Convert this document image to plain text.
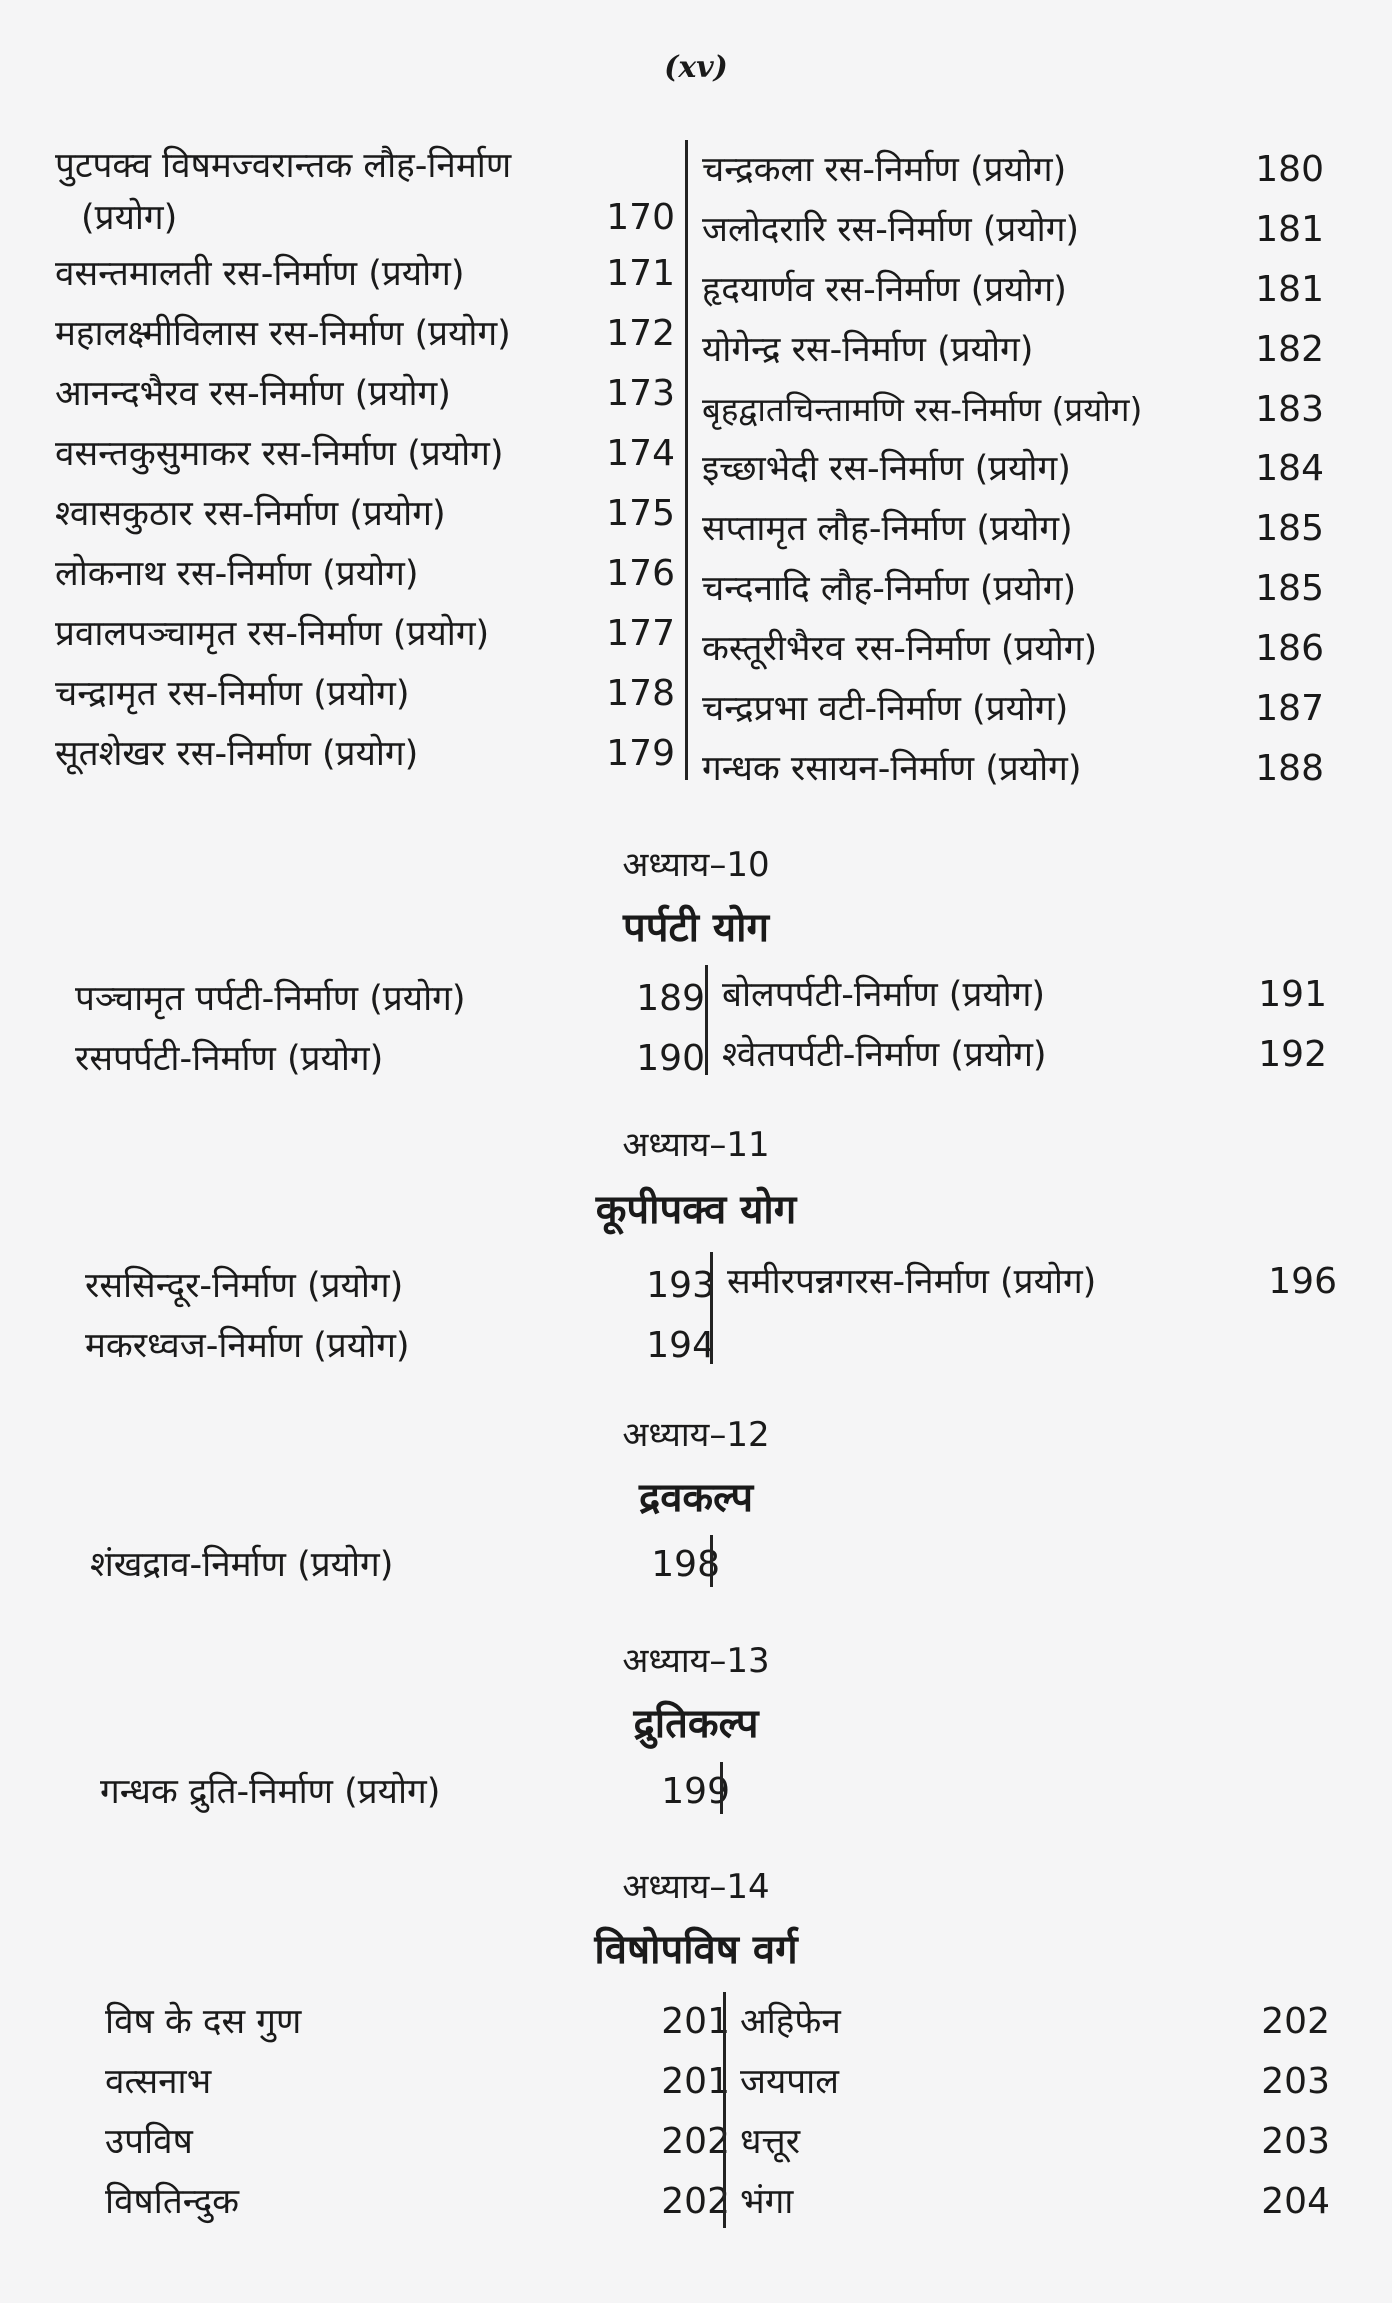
(xv)
पुटपक्व विषमज्वरान्तक लौह-निर्माण
(प्रयोग)	170
वसन्तमालती रस-निर्माण (प्रयोग)	171
महालक्ष्मीविलास रस-निर्माण (प्रयोग)	172
आनन्दभैरव रस-निर्माण (प्रयोग)	173
वसन्तकुसुमाकर रस-निर्माण (प्रयोग)	174
श्वासकुठार रस-निर्माण (प्रयोग)	175
लोकनाथ रस-निर्माण (प्रयोग)	176
प्रवालपञ्चामृत रस-निर्माण (प्रयोग)	177
चन्द्रामृत रस-निर्माण (प्रयोग)	178
सूतशेखर रस-निर्माण (प्रयोग)	179
चन्द्रकला रस-निर्माण (प्रयोग)	180
जलोदरारि रस-निर्माण (प्रयोग)	181
हृदयार्णव रस-निर्माण (प्रयोग)	181
योगेन्द्र रस-निर्माण (प्रयोग)	182
बृहद्वातचिन्तामणि रस-निर्माण (प्रयोग)	183
इच्छाभेदी रस-निर्माण (प्रयोग)	184
सप्तामृत लौह-निर्माण (प्रयोग)	185
चन्दनादि लौह-निर्माण (प्रयोग)	185
कस्तूरीभैरव रस-निर्माण (प्रयोग)	186
चन्द्रप्रभा वटी-निर्माण (प्रयोग)	187
गन्धक रसायन-निर्माण (प्रयोग)	188
अध्याय–10
पर्पटी योग
पञ्चामृत पर्पटी-निर्माण (प्रयोग)	189
रसपर्पटी-निर्माण (प्रयोग)	190
बोलपर्पटी-निर्माण (प्रयोग)	191
श्वेतपर्पटी-निर्माण (प्रयोग)	192
अध्याय–11
कूपीपक्व योग
रससिन्दूर-निर्माण (प्रयोग)	193
मकरध्वज-निर्माण (प्रयोग)	194
समीरपन्नगरस-निर्माण (प्रयोग)	196
अध्याय–12
द्रवकल्प
शंखद्राव-निर्माण (प्रयोग)	198
अध्याय–13
द्रुतिकल्प
गन्धक द्रुति-निर्माण (प्रयोग)	199
अध्याय–14
विषोपविष वर्ग
विष के दस गुण	201
वत्सनाभ	201
उपविष	202
विषतिन्दुक	202
अहिफेन	202
जयपाल	203
धत्तूर	203
भंगा	204
